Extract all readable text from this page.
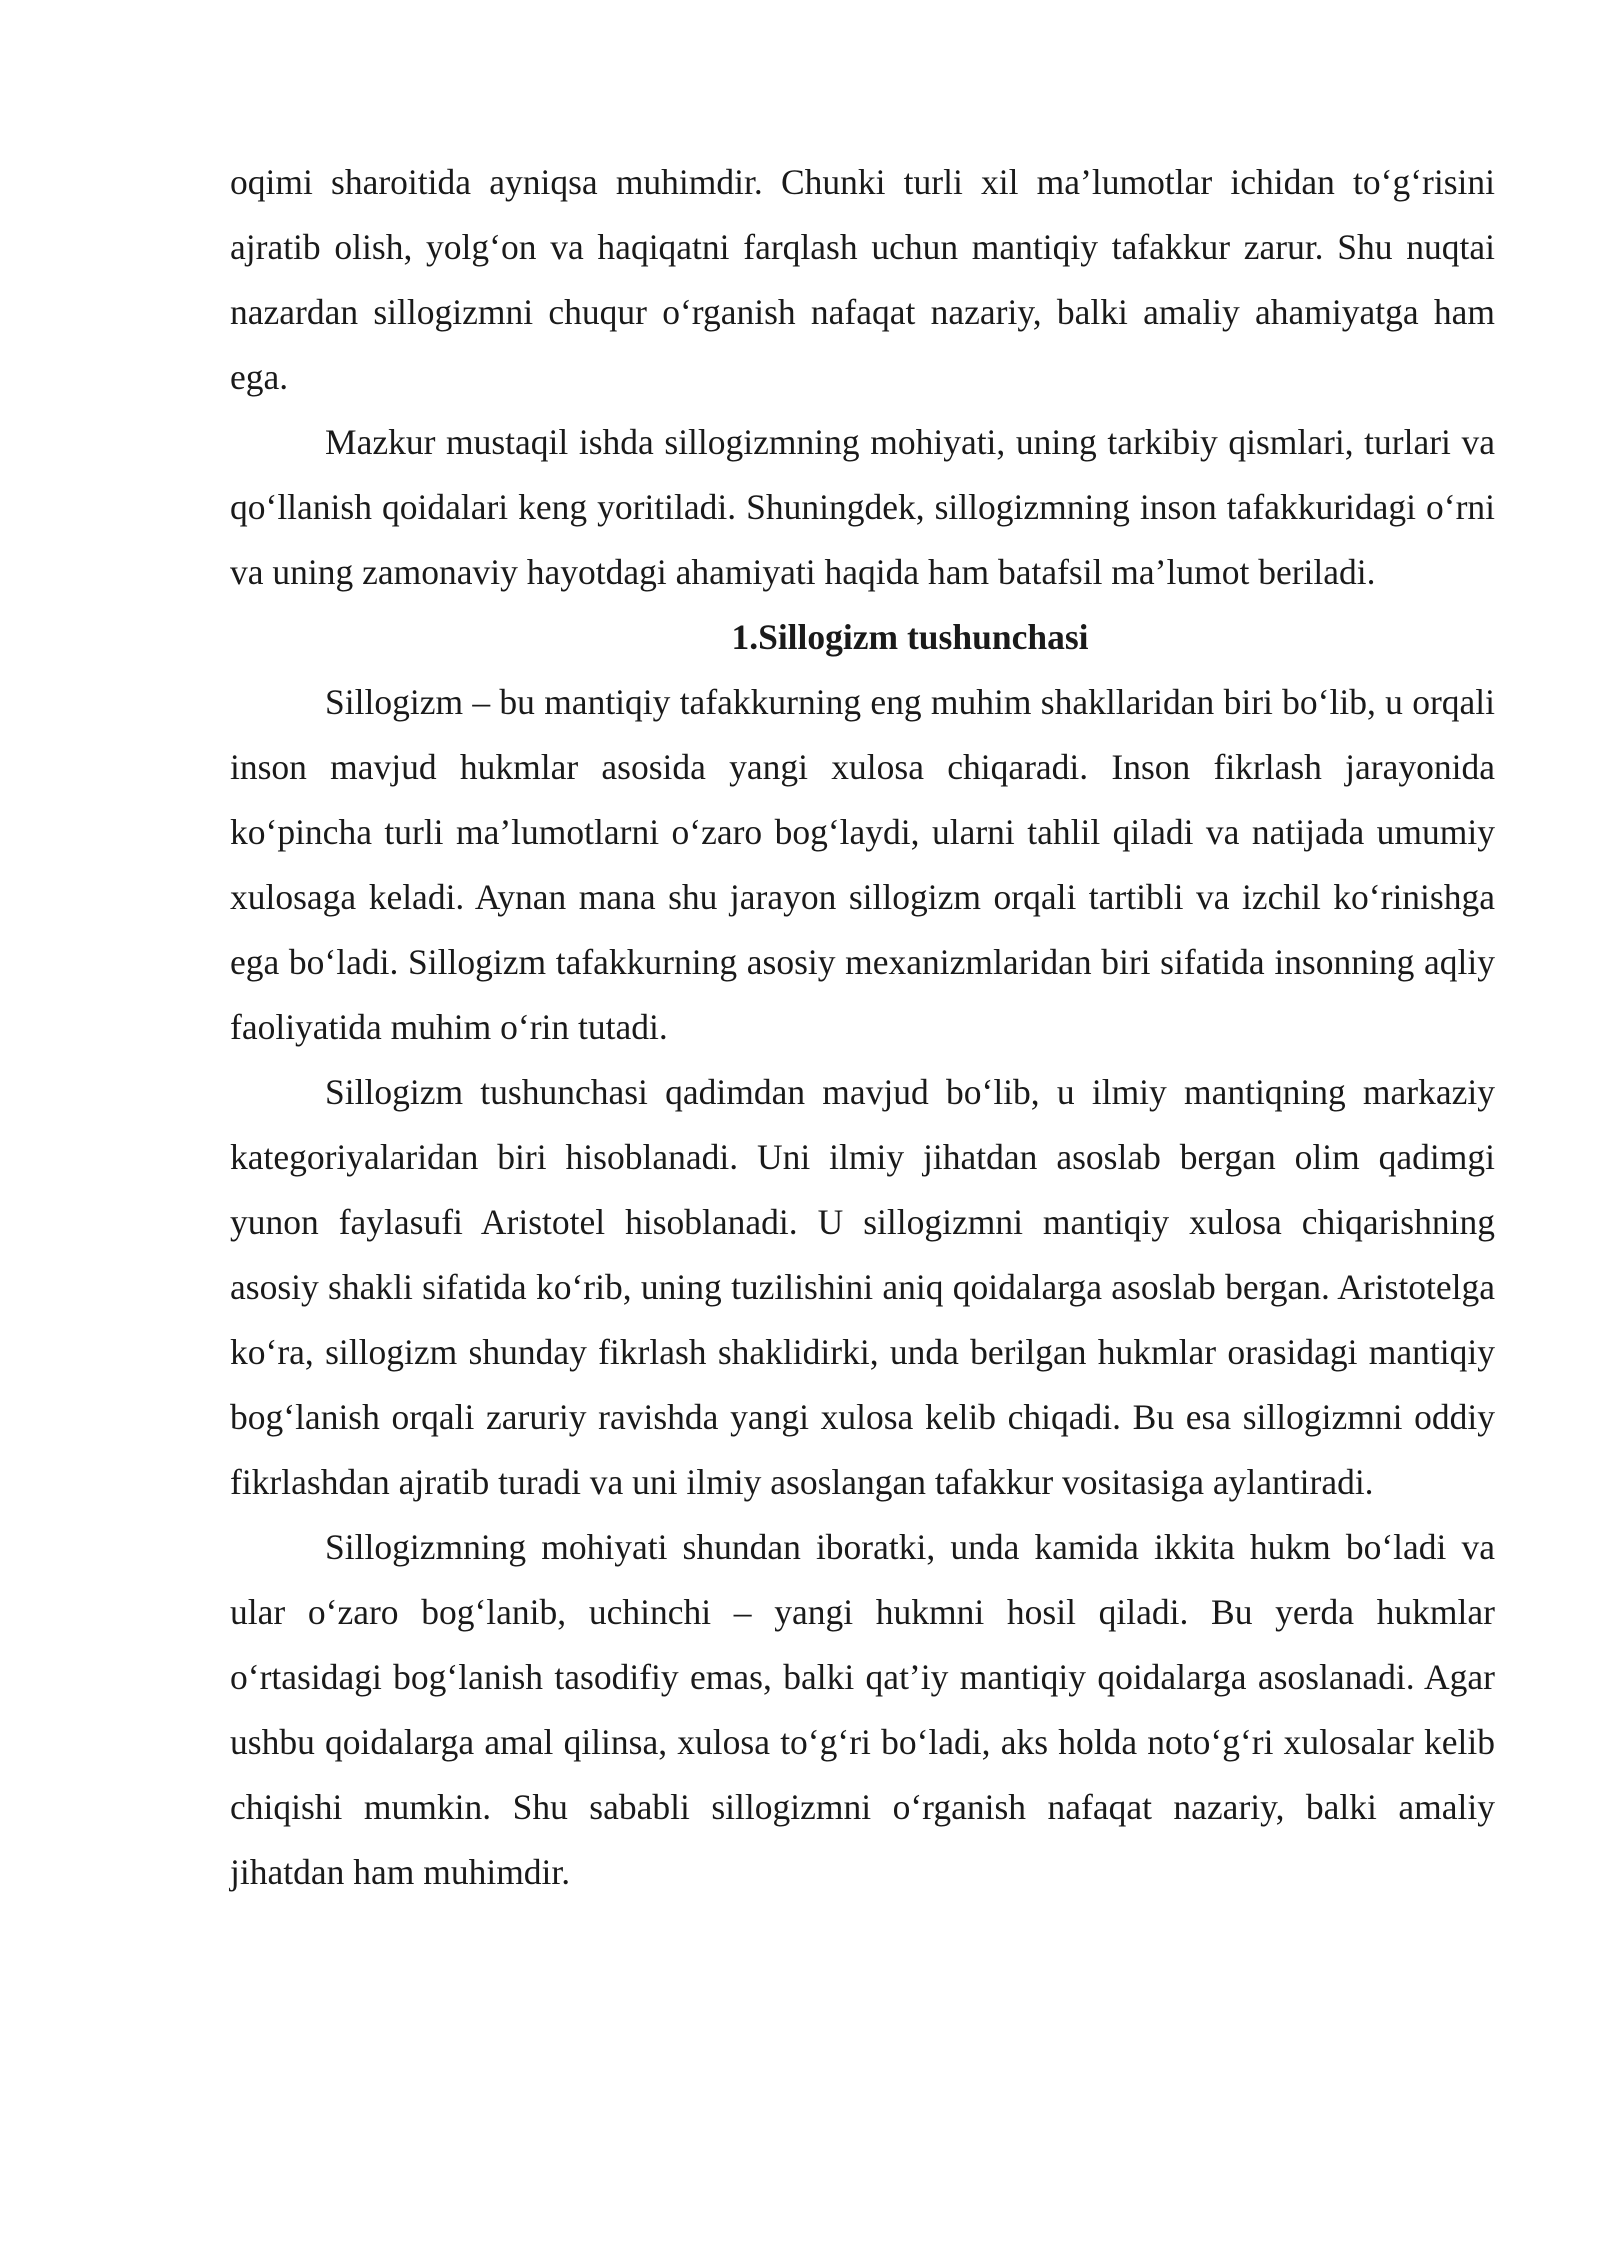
oqimi sharoitida ayniqsa muhimdir. Chunki turli xil ma’lumotlar ichidan to‘g‘risini ajratib olish, yolg‘on va haqiqatni farqlash uchun mantiqiy tafakkur zarur. Shu nuqtai nazardan sillogizmni chuqur o‘rganish nafaqat nazariy, balki amaliy ahamiyatga ham ega.

Mazkur mustaqil ishda sillogizmning mohiyati, uning tarkibiy qismlari, turlari va qo‘llanish qoidalari keng yoritiladi. Shuningdek, sillogizmning inson tafakkuridagi o‘rni va uning zamonaviy hayotdagi ahamiyati haqida ham batafsil ma’lumot beriladi.

1.Sillogizm tushunchasi

Sillogizm – bu mantiqiy tafakkurning eng muhim shakllaridan biri bo‘lib, u orqali inson mavjud hukmlar asosida yangi xulosa chiqaradi. Inson fikrlash jarayonida ko‘pincha turli ma’lumotlarni o‘zaro bog‘laydi, ularni tahlil qiladi va natijada umumiy xulosaga keladi. Aynan mana shu jarayon sillogizm orqali tartibli va izchil ko‘rinishga ega bo‘ladi. Sillogizm tafakkurning asosiy mexanizmlaridan biri sifatida insonning aqliy faoliyatida muhim o‘rin tutadi.

Sillogizm tushunchasi qadimdan mavjud bo‘lib, u ilmiy mantiqning markaziy kategoriyalaridan biri hisoblanadi. Uni ilmiy jihatdan asoslab bergan olim qadimgi yunon faylasufi Aristotel hisoblanadi. U sillogizmni mantiqiy xulosa chiqarishning asosiy shakli sifatida ko‘rib, uning tuzilishini aniq qoidalarga asoslab bergan. Aristotelga ko‘ra, sillogizm shunday fikrlash shaklidirki, unda berilgan hukmlar orasidagi mantiqiy bog‘lanish orqali zaruriy ravishda yangi xulosa kelib chiqadi. Bu esa sillogizmni oddiy fikrlashdan ajratib turadi va uni ilmiy asoslangan tafakkur vositasiga aylantiradi.

Sillogizmning mohiyati shundan iboratki, unda kamida ikkita hukm bo‘ladi va ular o‘zaro bog‘lanib, uchinchi – yangi hukmni hosil qiladi. Bu yerda hukmlar o‘rtasidagi bog‘lanish tasodifiy emas, balki qat’iy mantiqiy qoidalarga asoslanadi. Agar ushbu qoidalarga amal qilinsa, xulosa to‘g‘ri bo‘ladi, aks holda noto‘g‘ri xulosalar kelib chiqishi mumkin. Shu sababli sillogizmni o‘rganish nafaqat nazariy, balki amaliy jihatdan ham muhimdir.
